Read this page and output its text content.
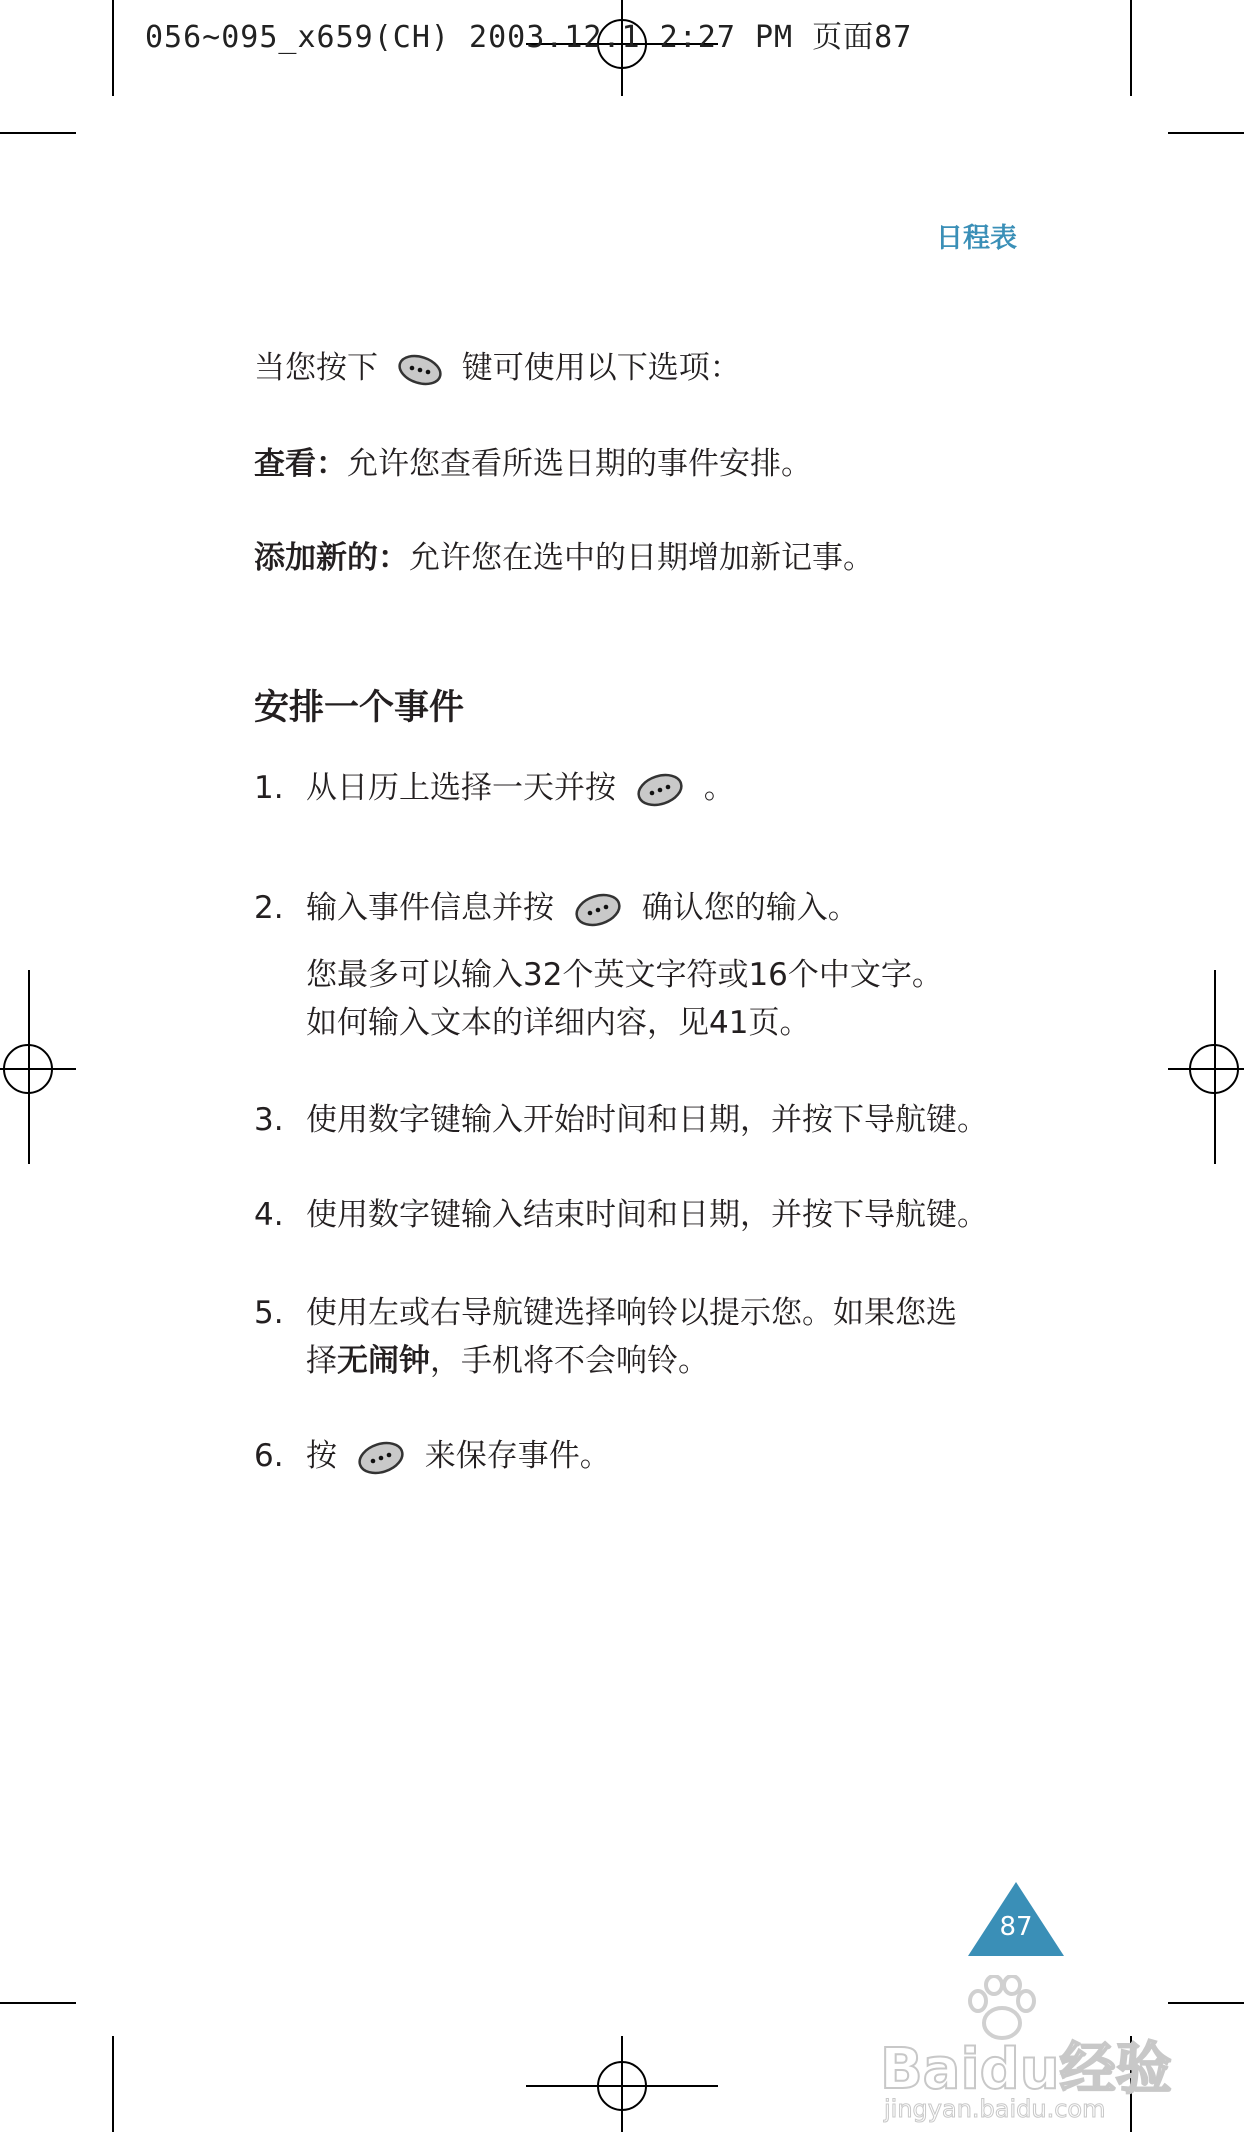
056~095_x659(CH) 2003.12.1 2:27 PM 页面87
日程表
当您按下	键可使用以下选项：
查看：允许您查看所选日期的事件安排。
添加新的：允许您在选中的日期增加新记事。
安排一个事件
1. 从日历上选择一天并按	。
2. 输入事件信息并按	确认您的输入。
您最多可以输入32个英文字符或16个中文字。
如何输入文本的详细内容，见41页。
3. 使用数字键输入开始时间和日期，并按下导航键。
4. 使用数字键输入结束时间和日期，并按下导航键。
5. 使用左或右导航键选择响铃以提示您。如果您选
择无闹钟，手机将不会响铃。
6. 按	来保存事件。
87
Baidu经验
jingyan.baidu.com
